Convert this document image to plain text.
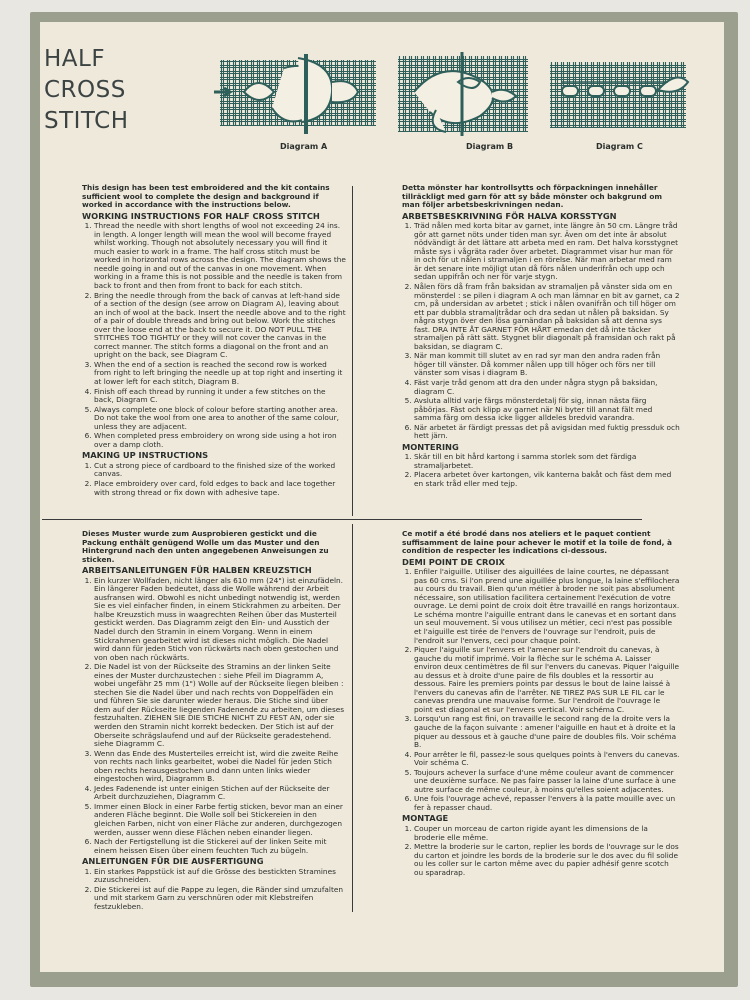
HALF
CROSS
STITCH
Diagram A	Diagram B	Diagram C

This design has been test embroidered and the kit contains sufficient wool to complete the design and background if worked in accordance with the instructions below.

WORKING INSTRUCTIONS FOR HALF CROSS STITCH
1. Thread the needle with short lengths of wool not exceeding 24 ins. in length. A longer length will mean the wool will become frayed whilst working. Though not absolutely necessary you will find it much easier to work in a frame. The half cross stitch must be worked in horizontal rows across the design. The diagram shows the needle going in and out of the canvas in one movement. When working in a frame this is not possible and the needle is taken from back to front and then from front to back for each stitch.
2. Bring the needle through from the back of canvas at left-hand side of a section of the design (see arrow on Diagram A), leaving about an inch of wool at the back. Insert the needle above and to the right of a pair of double threads and bring out below. Work the stitches over the loose end at the back to secure it. DO NOT PULL THE STITCHES TOO TIGHTLY or they will not cover the canvas in the correct manner. The stitch forms a diagonal on the front and an upright on the back, see Diagram C.
3. When the end of a section is reached the second row is worked from right to left bringing the needle up at top right and inserting it at lower left for each stitch, Diagram B.
4. Finish off each thread by running it under a few stitches on the back, Diagram C.
5. Always complete one block of colour before starting another area. Do not take the wool from one area to another of the same colour, unless they are adjacent.
6. When completed press embroidery on wrong side using a hot iron over a damp cloth.
MAKING UP INSTRUCTIONS
1. Cut a strong piece of cardboard to the finished size of the worked canvas.
2. Place embroidery over card, fold edges to back and lace together with strong thread or fix down with adhesive tape.

Detta mönster har kontrollsytts och förpackningen innehåller tillräckligt med garn för att sy både mönster och bakgrund om man följer arbetsbeskrivningen nedan.

ARBETSBESKRIVNING FÖR HALVA KORSSTYGN
1. Träd nålen med korta bitar av garnet, inte längre än 50 cm. Längre tråd gör att garnet nöts under tiden man syr. Även om det inte är absolut nödvändigt är det lättare att arbeta med en ram. Det halva korsstygnet måste sys i vågräta rader över arbetet. Diagrammet visar hur man för in och för ut nålen i stramaljen i en rörelse. När man arbetar med ram är det senare inte möjligt utan då förs nålen underifrån och upp och sedan uppifrån och ner för varje stygn.
2. Nålen förs då fram från baksidan av stramaljen på vänster sida om en mönsterdel : se pilen i diagram A och man lämnar en bit av garnet, ca 2 cm, på undersidan av arbetet ; stick i nålen ovanifrån och till höger om ett par dubbla stramaljtrådar och dra sedan ut nålen på baksidan. Sy några stygn över den lösa garnändan på baksidan så att denna sys fast. DRA INTE ÅT GARNET FÖR HÅRT emedan det då inte täcker stramaljen på rätt sätt. Stygnet blir diagonalt på framsidan och rakt på baksidan, se diagram C.
3. När man kommit till slutet av en rad syr man den andra raden från höger till vänster. Då kommer nålen upp till höger och förs ner till vänster som visas i diagram B.
4. Fäst varje tråd genom att dra den under några stygn på baksidan, diagram C.
5. Avsluta alltid varje färgs mönsterdetalj för sig, innan nästa färg påbörjas. Fäst och klipp av garnet när Ni byter till annat fält med samma färg om dessa icke ligger alldeles bredvid varandra.
6. När arbetet är färdigt pressas det på avigsidan med fuktig pressduk och hett järn.
MONTERING
1. Skär till en bit hård kartong i samma storlek som det färdiga stramaljarbetet.
2. Placera arbetet över kartongen, vik kanterna bakåt och fäst dem med en stark tråd eller med tejp.

Dieses Muster wurde zum Ausprobieren gestickt und die Packung enthält genügend Wolle um das Muster und den Hintergrund nach den unten angegebenen Anweisungen zu sticken.

ARBEITSANLEITUNGEN FÜR HALBEN KREUZSTICH
1. Ein kurzer Wollfaden, nicht länger als 610 mm (24") ist einzufädeln. Ein längerer Faden bedeutet, dass die Wolle während der Arbeit ausfransen wird. Obwohl es nicht unbedingt notwendig ist, werden Sie es viel einfacher finden, in einem Stickrahmen zu arbeiten. Der halbe Kreuzstich muss in waagrechten Reihen über das Musterteil gestickt werden. Das Diagramm zeigt den Ein- und Ausstich der Nadel durch den Stramin in einem Vorgang. Wenn in einem Stickrahmen gearbeitet wird ist dieses nicht möglich. Die Nadel wird dann für jeden Stich von rückwärts nach oben gestochen und von oben nach rückwärts.
2. Die Nadel ist von der Rückseite des Stramins an der linken Seite eines der Muster durchzustechen : siehe Pfeil im Diagramm A, wobei ungefähr 25 mm (1") Wolle auf der Rückseite liegen bleiben : stechen Sie die Nadel über und nach rechts von Doppelfäden ein und führen Sie sie darunter wieder heraus. Die Stiche sind über dem auf der Rückseite liegenden Fadenende zu arbeiten, um dieses festzuhalten. ZIEHEN SIE DIE STICHE NICHT ZU FEST AN, oder sie werden den Stramin nicht korrekt bedecken. Der Stich ist auf der Oberseite schrägslaufend und auf der Rückseite geradestehend. siehe Diagramm C.
3. Wenn das Ende des Musterteiles erreicht ist, wird die zweite Reihe von rechts nach links gearbeitet, wobei die Nadel für jeden Stich oben rechts herausgestochen und dann unten links wieder eingestochen wird, Diagramm B.
4. Jedes Fadenende ist unter einigen Stichen auf der Rückseite der Arbeit durchzuziehen, Diagramm C.
5. Immer einen Block in einer Farbe fertig sticken, bevor man an einer anderen Fläche beginnt. Die Wolle soll bei Stickereien in den gleichen Farben, nicht von einer Fläche zur anderen, durchgezogen werden, ausser wenn diese Flächen neben einander liegen.
6. Nach der Fertigstellung ist die Stickerei auf der linken Seite mit einem heissen Eisen über einem feuchten Tuch zu bügeln.
ANLEITUNGEN FÜR DIE AUSFERTIGUNG
1. Ein starkes Pappstück ist auf die Grösse des bestickten Stramines zuzuschneiden.
2. Die Stickerei ist auf die Pappe zu legen, die Ränder sind umzufalten und mit starkem Garn zu verschnüren oder mit Klebstreifen festzukleben.

Ce motif a été brodé dans nos ateliers et le paquet contient suffisamment de laine pour achever le motif et la toile de fond, à condition de respecter les indications ci-dessous.

DEMI POINT DE CROIX
1. Enfiler l'aiguille. Utiliser des aiguillées de laine courtes, ne dépassant pas 60 cms. Si l'on prend une aiguillée plus longue, la laine s'effilochera au cours du travail. Bien qu'un métier à broder ne soit pas absolument nécessaire, son utilisation facilitera certainement l'exécution de votre ouvrage. Le demi point de croix doit être travaillé en rangs horizontaux. Le schéma montre l'aiguille entrant dans le canevas et en sortant dans un seul mouvement. Si vous utilisez un métier, ceci n'est pas possible et l'aiguille est tirée de l'envers de l'ouvrage sur l'endroit, puis de l'endroit sur l'envers, ceci pour chaque point.
2. Piquer l'aiguille sur l'envers et l'amener sur l'endroit du canevas, à gauche du motif imprimé. Voir la flèche sur le schéma A. Laisser environ deux centimètres de fil sur l'envers du canevas. Piquer l'aiguille au dessus et à droite d'une paire de fils doubles et la ressortir au dessous. Faire les premiers points par dessus le bout de laine laissé à l'envers du canevas afin de l'arrêter. NE TIREZ PAS SUR LE FIL car le canevas prendra une mauvaise forme. Sur l'endroit de l'ouvrage le point est diagonal et sur l'envers vertical. Voir schéma C.
3. Lorsqu'un rang est fini, on travaille le second rang de la droite vers la gauche de la façon suivante : amener l'aiguille en haut et à droite et la piquer au dessous et à gauche d'une paire de doubles fils. Voir schéma B.
4. Pour arrêter le fil, passez-le sous quelques points à l'envers du canevas. Voir schéma C.
5. Toujours achever la surface d'une même couleur avant de commencer une deuxième surface. Ne pas faire passer la laine d'une surface à une autre surface de même couleur, à moins qu'elles soient adjacentes.
6. Une fois l'ouvrage achevé, repasser l'envers à la patte mouille avec un fer à repasser chaud.
MONTAGE
1. Couper un morceau de carton rigide ayant les dimensions de la broderie elle même.
2. Mettre la broderie sur le carton, replier les bords de l'ouvrage sur le dos du carton et joindre les bords de la broderie sur le dos avec du fil solide ou les coller sur le carton même avec du papier adhésif genre scotch ou sparadrap.
